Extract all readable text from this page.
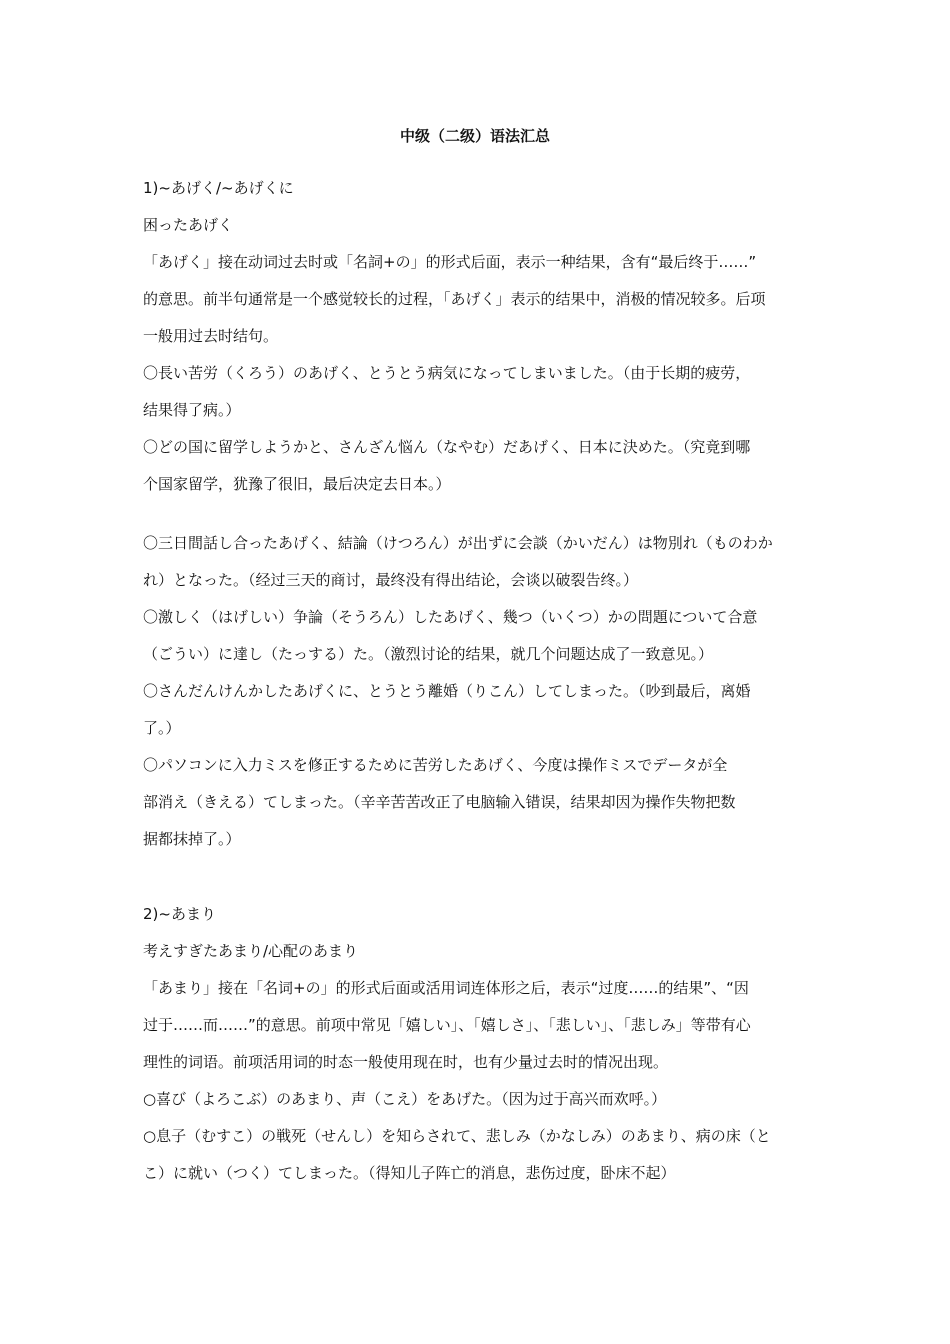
中级（二级）语法汇总
1)~あげく/~あげくに
困ったあげく
「あげく」接在动词过去时或「名詞+の」的形式后面，表示一种结果，含有“最后终于……”
的意思。前半句通常是一个感觉较长的过程，「あげく」表示的结果中，消极的情况较多。后项
一般用过去时结句。
〇長い苦労（くろう）のあげく、とうとう病気になってしまいました。（由于长期的疲劳，
结果得了病。）
〇どの国に留学しようかと、さんざん悩ん（なやむ）だあげく、日本に決めた。（究竟到哪
个国家留学，犹豫了很旧，最后决定去日本。）
〇三日間話し合ったあげく、結論（けつろん）が出ずに会談（かいだん）は物別れ（ものわか
れ）となった。（经过三天的商讨，最终没有得出结论，会谈以破裂告终。）
〇激しく（はげしい）争論（そうろん）したあげく、幾つ（いくつ）かの問題について合意
（ごうい）に達し（たっする）た。（激烈讨论的结果，就几个问题达成了一致意见。）
〇さんだんけんかしたあげくに、とうとう離婚（りこん）してしまった。（吵到最后，离婚
了。）
〇パソコンに入力ミスを修正するために苦労したあげく、今度は操作ミスでデータが全
部消え（きえる）てしまった。（辛辛苦苦改正了电脑输入错误，结果却因为操作失物把数
据都抹掉了。）
2)~あまり
考えすぎたあまり/心配のあまり
「あまり」接在「名词+の」的形式后面或活用词连体形之后，表示“过度……的结果”、“因
过于……而……”的意思。前项中常见「嬉しい」、「嬉しさ」、「悲しい」、「悲しみ」等带有心
理性的词语。前项活用词的时态一般使用现在时，也有少量过去时的情况出现。
○喜び（よろこぶ）のあまり、声（こえ）をあげた。（因为过于高兴而欢呼。）
○息子（むすこ）の戦死（せんし）を知らされて、悲しみ（かなしみ）のあまり、病の床（と
こ）に就い（つく）てしまった。（得知儿子阵亡的消息，悲伤过度，卧床不起）
